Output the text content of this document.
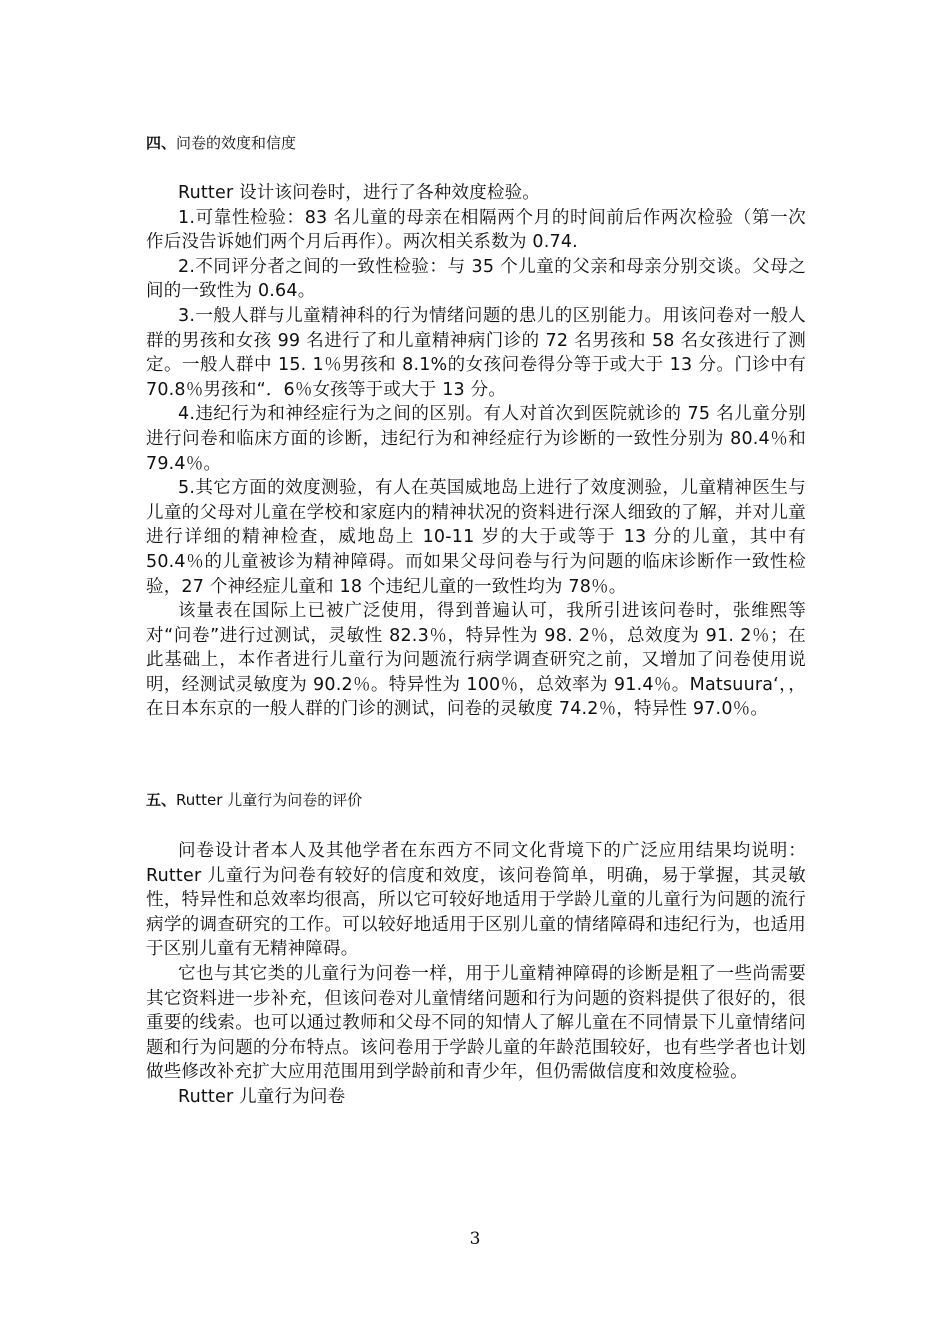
四、问卷的效度和信度

Rutter 设计该问卷时，进行了各种效度检验。

1.可靠性检验：83 名儿童的母亲在相隔两个月的时间前后作两次检验（第一次作后没告诉她们两个月后再作）。两次相关系数为 0.74.

2.不同评分者之间的一致性检验：与 35 个儿童的父亲和母亲分别交谈。父母之间的一致性为 0.64。

3.一般人群与儿童精神科的行为情绪问题的患儿的区别能力。用该问卷对一般人群的男孩和女孩 99 名进行了和儿童精神病门诊的 72 名男孩和 58 名女孩进行了测定。一般人群中 15. 1％男孩和 8.1%的女孩问卷得分等于或大于 13 分。门诊中有 70.8％男孩和“．6％女孩等于或大于 13 分。

4.违纪行为和神经症行为之间的区别。有人对首次到医院就诊的 75 名儿童分别进行问卷和临床方面的诊断，违纪行为和神经症行为诊断的一致性分别为 80.4％和 79.4％。

5.其它方面的效度测验，有人在英国威地岛上进行了效度测验，儿童精神医生与儿童的父母对儿童在学校和家庭内的精神状况的资料进行深人细致的了解，并对儿童进行详细的精神检查，威地岛上 10-11 岁的大于或等于 13 分的儿童，其中有 50.4％的儿童被诊为精神障碍。而如果父母问卷与行为问题的临床诊断作一致性检验，27 个神经症儿童和 18 个违纪儿童的一致性均为 78％。

该量表在国际上已被广泛使用，得到普遍认可，我所引进该问卷时，张维熙等对“问卷”进行过测试，灵敏性 82.3％，特异性为 98. 2％，总效度为 91. 2％；在此基础上，本作者进行儿童行为问题流行病学调查研究之前，又增加了问卷使用说明，经测试灵敏度为 90.2％。特异性为 100％，总效率为 91.4％。Matsuura‘，，在日本东京的一般人群的门诊的测试，问卷的灵敏度 74.2％，特异性 97.0％。

五、Rutter 儿童行为问卷的评价

问卷设计者本人及其他学者在东西方不同文化背境下的广泛应用结果均说明：Rutter 儿童行为问卷有较好的信度和效度，该问卷简单，明确，易于掌握，其灵敏性，特异性和总效率均很高，所以它可较好地适用于学龄儿童的儿童行为问题的流行病学的调查研究的工作。可以较好地适用于区别儿童的情绪障碍和违纪行为，也适用于区别儿童有无精神障碍。

它也与其它类的儿童行为问卷一样，用于儿童精神障碍的诊断是粗了一些尚需要其它资料进一步补充，但该问卷对儿童情绪问题和行为问题的资料提供了很好的，很重要的线索。也可以通过教师和父母不同的知情人了解儿童在不同情景下儿童情绪问题和行为问题的分布特点。该问卷用于学龄儿童的年龄范围较好，也有些学者也计划做些修改补充扩大应用范围用到学龄前和青少年，但仍需做信度和效度检验。

Rutter 儿童行为问卷

3
